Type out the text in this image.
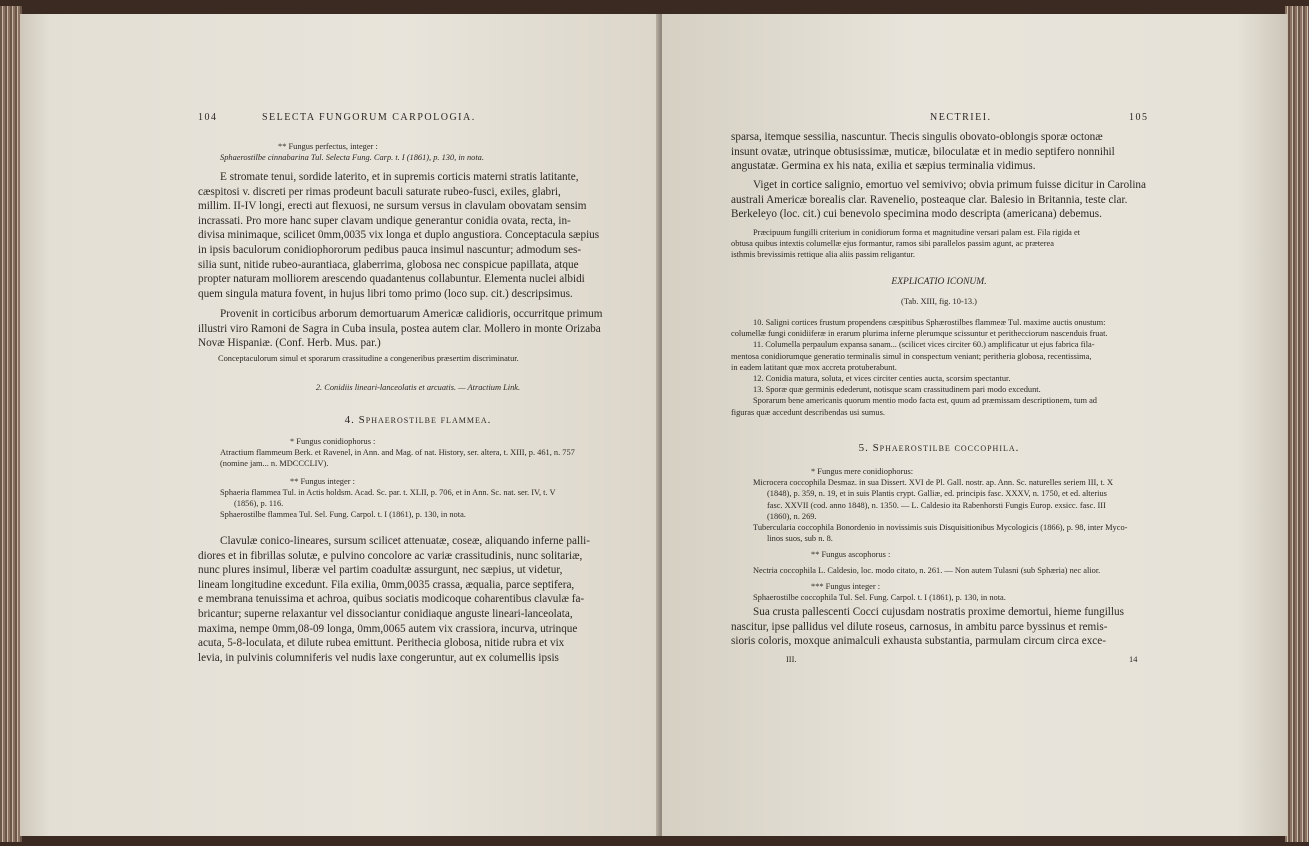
104	SELECTA FUNGORUM CARPOLOGIA.
** Fungus perfectus, integer :
Sphaerostilbe cinnabarina Tul. Selecta Fung. Carp. t. I (1861), p. 130, in nota.
E stromate tenui, sordide laterito, et in supremis corticis materni stratis latitante,
cæspitosi v. discreti per rimas prodeunt baculi saturate rubeo-fusci, exiles, glabri,
millim. II-IV longi, erecti aut flexuosi, ne sursum versus in clavulam obovatam sensim
incrassati. Pro more hanc super clavam undique generantur conidia ovata, recta, in-
divisa minimaque, scilicet 0mm,0035 vix longa et duplo angustiora. Conceptacula sæpius
in ipsis baculorum conidiophororum pedibus pauca insimul nascuntur; admodum ses-
silia sunt, nitide rubeo-aurantiaca, glaberrima, globosa nec conspicue papillata, atque
propter naturam molliorem arescendo quadantenus collabuntur. Elementa nuclei albidi
quem singula matura fovent, in hujus libri tomo primo (loco sup. cit.) descripsimus.
Provenit in corticibus arborum demortuarum Americæ calidioris, occurritque primum
illustri viro Ramoni de Sagra in Cuba insula, postea autem clar. Mollero in monte Orizaba
Novæ Hispaniæ. (Conf. Herb. Mus. par.)
Conceptaculorum simul et sporarum crassitudine a congeneribus præsertim discriminatur.
2. Conidiis lineari-lanceolatis et arcuatis. — Atractium Link.
4. Sphaerostilbe flammea.
* Fungus conidiophorus :
Atractium flammeum Berk. et Ravenel, in Ann. and Mag. of nat. History, ser. altera, t. XIII, p. 461, n. 757
(nomine jam... n. MDCCCLIV).
** Fungus integer :
Sphaeria flammea Tul. in Actis holdsm. Acad. Sc. par. t. XLII, p. 706, et in Ann. Sc. nat. ser. IV, t. V
(1856), p. 116.
Sphaerostilbe flammea Tul. Sel. Fung. Carpol. t. I (1861), p. 130, in nota.
Clavulæ conico-lineares, sursum scilicet attenuatæ, coseæ, aliquando inferne palli-
diores et in fibrillas solutæ, e pulvino concolore ac variæ crassitudinis, nunc solitariæ,
nunc plures insimul, liberæ vel partim coadultæ assurgunt, nec sæpius, ut videtur,
lineam longitudine excedunt. Fila exilia, 0mm,0035 crassa, æqualia, parce septifera,
e membrana tenuissima et achroa, quibus sociatis modicoque coharentibus clavulæ fa-
bricantur; superne relaxantur vel dissociantur conidiaque anguste lineari-lanceolata,
maxima, nempe 0mm,08-09 longa, 0mm,0065 autem vix crassiora, incurva, utrinque
acuta, 5-8-loculata, et dilute rubea emittunt. Perithecia globosa, nitide rubra et vix
levia, in pulvinis columniferis vel nudis laxe congeruntur, aut ex columellis ipsis
NECTRIEI.	105
sparsa, itemque sessilia, nascuntur. Thecis singulis obovato-oblongis sporæ octonæ
insunt ovatæ, utrinque obtusissimæ, muticæ, biloculatæ et in medio septifero nonnihil
angustatæ. Germina ex his nata, exilia et sæpius terminalia vidimus.
Viget in cortice salignio, emortuo vel semivivo; obvia primum fuisse dicitur in Carolina
australi Americæ borealis clar. Ravenelio, posteaque clar. Balesio in Britannia, teste clar.
Berkeleyo (loc. cit.) cui benevolo specimina modo descripta (americana) debemus.
Præcipuum fungilli criterium in conidiorum forma et magnitudine versari palam est. Fila rigida et
obtusa quibus intextis columellæ ejus formantur, ramos sibi parallelos passim agunt, ac præterea
isthmis brevissimis rettique alia aliis passim religantur.
EXPLICATIO ICONUM.
(Tab. XIII, fig. 10-13.)
10. Saligni cortices frustum propendens cæspitibus Sphærostilbes flammeæ Tul. maxime auctis onustum:
columellæ fungi conidiiferæ in erarum plurima inferne plerumque scissuntur et perithecciorum nascenduis fruat.
11. Columella perpaulum expansa sanam... (scilicet vices circiter 60.) amplificatur ut ejus fabrica fila-
mentosa conidiorumque generatio terminalis simul in conspectum veniant; peritheria globosa, recentissima,
in eadem latitant quæ mox accreta protuberabunt.
12. Conidia matura, soluta, et vices circiter centies aucta, scorsim spectantur.
13. Sporæ quæ germinis edederunt, notisque scam crassitudinem pari modo excedunt.
Sporarum bene americanis quorum mentio modo facta est, quum ad præmissam descriptionem, tum ad
figuras quæ accedunt describendas usi sumus.
5. Sphaerostilbe coccophila.
* Fungus mere conidiophorus:
Microcera coccophila Desmaz. in sua Dissert. XVI de Pl. Gall. nostr. ap. Ann. Sc. naturelles seriem III, t. X
(1848), p. 359, n. 19, et in suis Plantis crypt. Galliæ, ed. principis fasc. XXXV, n. 1750, et ed. alterius
fasc. XXVII (cod. anno 1848), n. 1350. — L. Caldesio ita Rabenhorsti Fungis Europ. exsicc. fasc. III
(1860), n. 269.
Tubercularia coccophila Bonordenio in novissimis suis Disquisitionibus Mycologicis (1866), p. 98, inter Myco-
linos suos, sub n. 8.
** Fungus ascophorus :
Nectria coccophila L. Caldesio, loc. modo citato, n. 261. — Non autem Tulasni (sub Sphæria) nec alior.
*** Fungus integer :
Sphaerostilbe coccophila Tul. Sel. Fung. Carpol. t. I (1861), p. 130, in nota.
Sua crusta pallescenti Cocci cujusdam nostratis proxime demortui, hieme fungillus
nascitur, ipse pallidus vel dilute roseus, carnosus, in ambitu parce byssinus et remis-
sioris coloris, moxque animalculi exhausta substantia, parmulam circum circa exce-
III.	14
